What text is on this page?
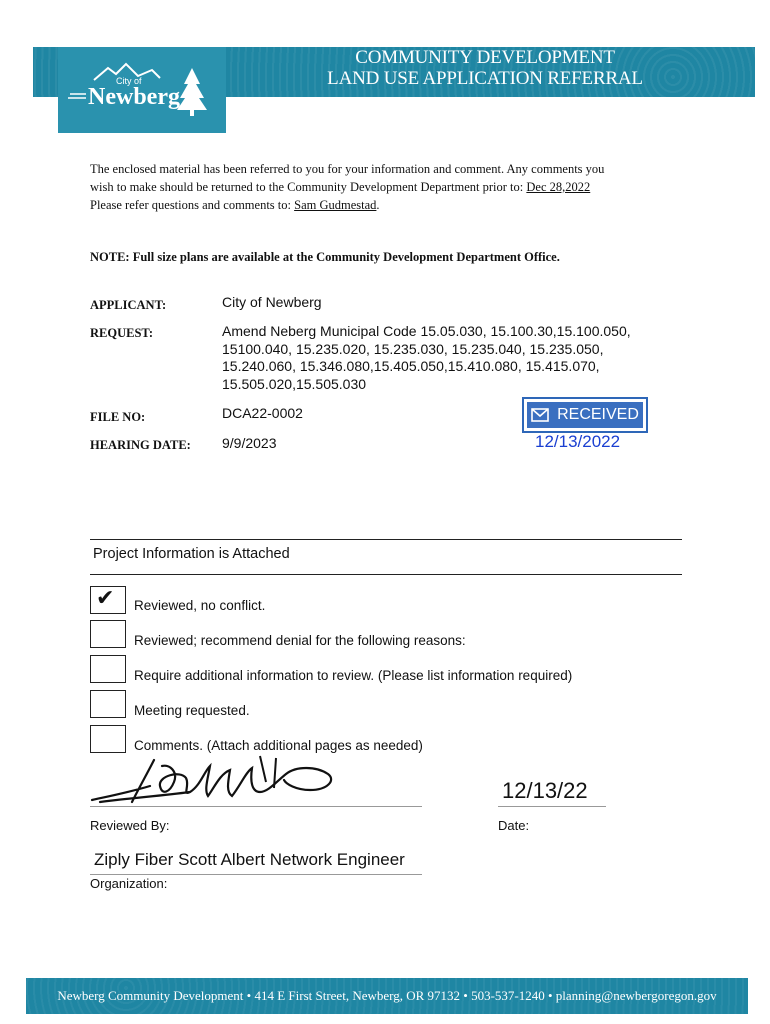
City of
Newberg
COMMUNITY DEVELOPMENT
LAND USE APPLICATION REFERRAL
The enclosed material has been referred to you for your information and comment. Any comments you
wish to make should be returned to the Community Development Department prior to: Dec 28,2022
Please refer questions and comments to: Sam Gudmestad.
NOTE: Full size plans are available at the Community Development Department Office.
APPLICANT:	City of Newberg
REQUEST:	Amend Neberg Municipal Code 15.05.030, 15.100.30,15.100.050,
15100.040, 15.235.020, 15.235.030, 15.235.040, 15.235.050,
15.240.060, 15.346.080,15.405.050,15.410.080, 15.415.070,
15.505.020,15.505.030
FILE NO:	DCA22-0002
HEARING DATE: 9/9/2023
RECEIVED
12/13/2022
Project Information is Attached
✔ Reviewed, no conflict.
Reviewed; recommend denial for the following reasons:
Require additional information to review. (Please list information required)
Meeting requested.
Comments. (Attach additional pages as needed)
12/13/22
Reviewed By:	Date:
Ziply Fiber Scott Albert Network Engineer
Organization:
Newberg Community Development • 414 E First Street, Newberg, OR 97132 • 503-537-1240 • planning@newbergoregon.gov
